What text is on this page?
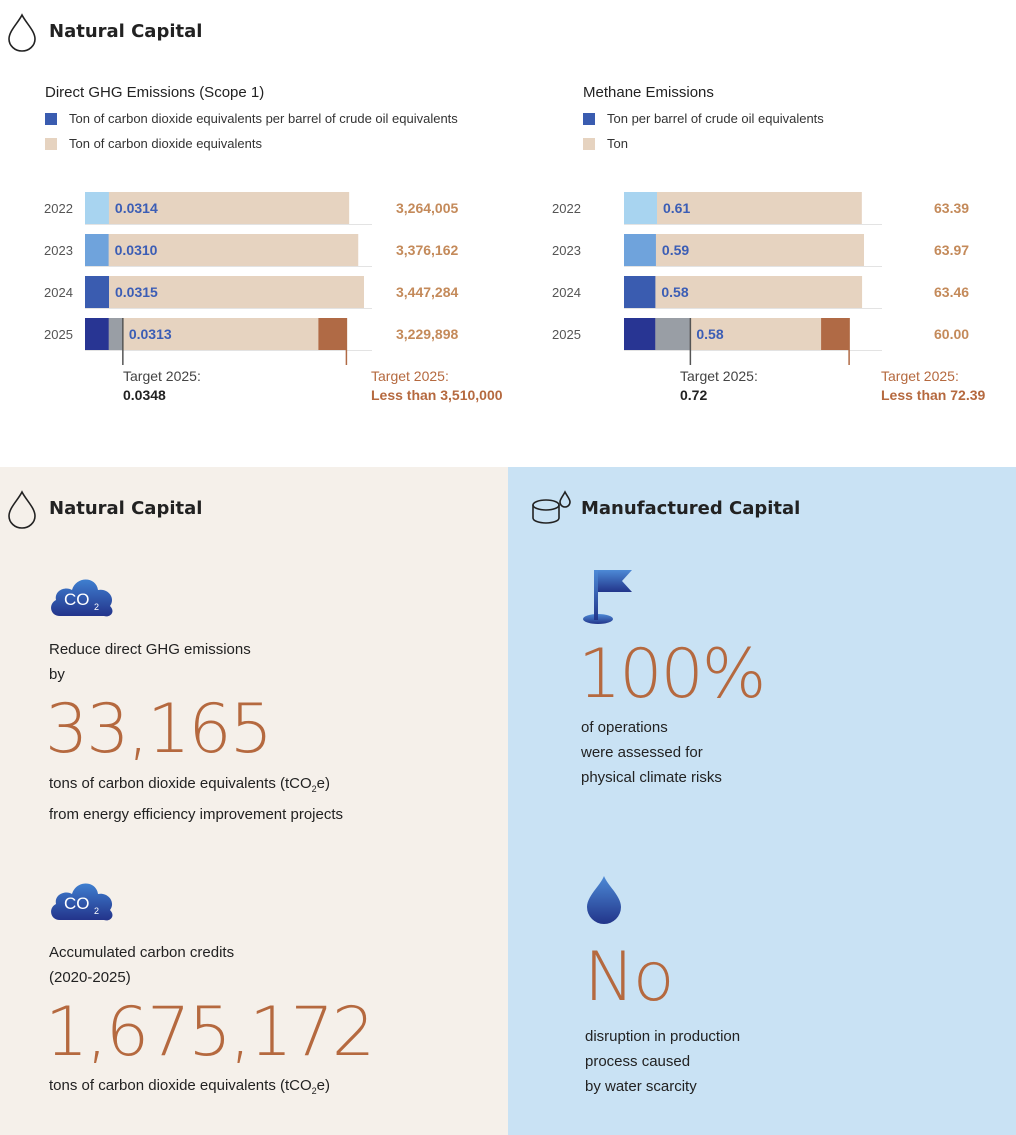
Natural Capital
Direct GHG Emissions (Scope 1)
Ton of carbon dioxide equivalents per barrel of crude oil equivalents
Ton of carbon dioxide equivalents
2022	0.0314	3,264,005
2023	0.0310	3,376,162
2024	0.0315	3,447,284
2025	0.0313	3,229,898
Target 2025:
0.0348
Target 2025:
Less than 3,510,000
Methane Emissions
Ton per barrel of crude oil equivalents
Ton
2022	0.61	63.39
2023	0.59	63.97
2024	0.58	63.46
2025	0.58	60.00
Target 2025:
0.72
Target 2025:
Less than 72.39
Natural Capital
CO 2
Reduce direct GHG emissions
by
33,165
tons of carbon dioxide equivalents (tCO$_2$e)
from energy efficiency improvement projects
CO 2
Accumulated carbon credits
(2020-2025)
1,675,172
tons of carbon dioxide equivalents (tCO$_2$e)
Manufactured Capital
100%
of operations
were assessed for
physical climate risks
No
disruption in production
process caused
by water scarcity
